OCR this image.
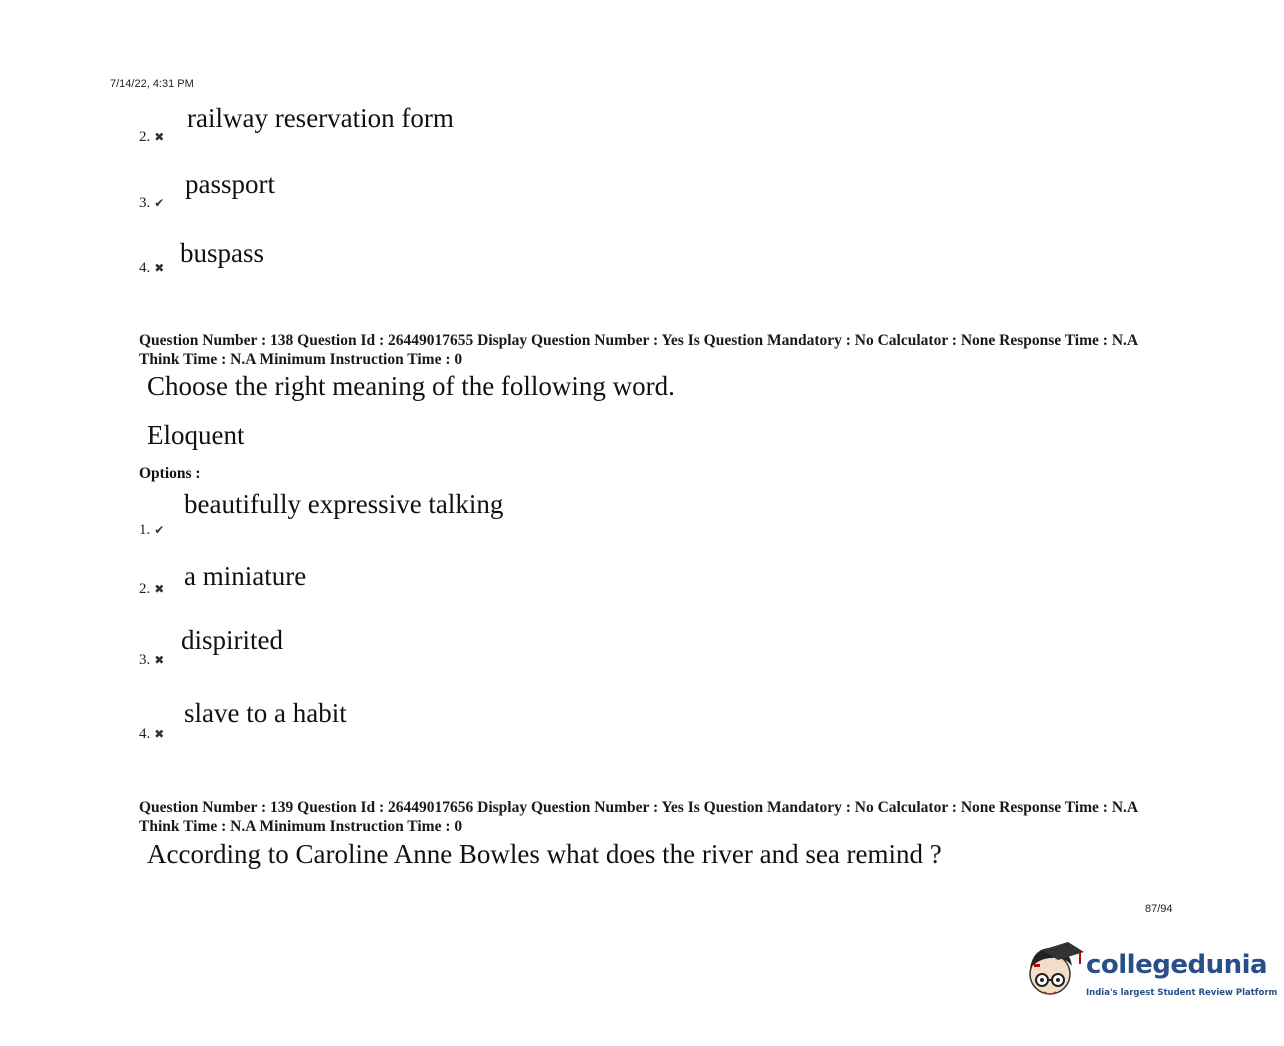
7/14/22, 4:31 PM
2. ✖
railway reservation form
3. ✔
passport
4. ✖ buspass
Question Number : 138 Question Id : 26449017655 Display Question Number : Yes Is Question Mandatory : No Calculator : None Response Time : N.A Think Time : N.A Minimum Instruction Time : 0
Choose the right meaning of the following word.
Eloquent
Options :
1. ✔
beautifully expressive talking
2. ✖ a miniature
3. ✖
dispirited
4. ✖
slave to a habit
Question Number : 139 Question Id : 26449017656 Display Question Number : Yes Is Question Mandatory : No Calculator : None Response Time : N.A Think Time : N.A Minimum Instruction Time : 0
According to Caroline Anne Bowles what does the river and sea remind ?
87/94
collegedunia
India's largest Student Review Platform
